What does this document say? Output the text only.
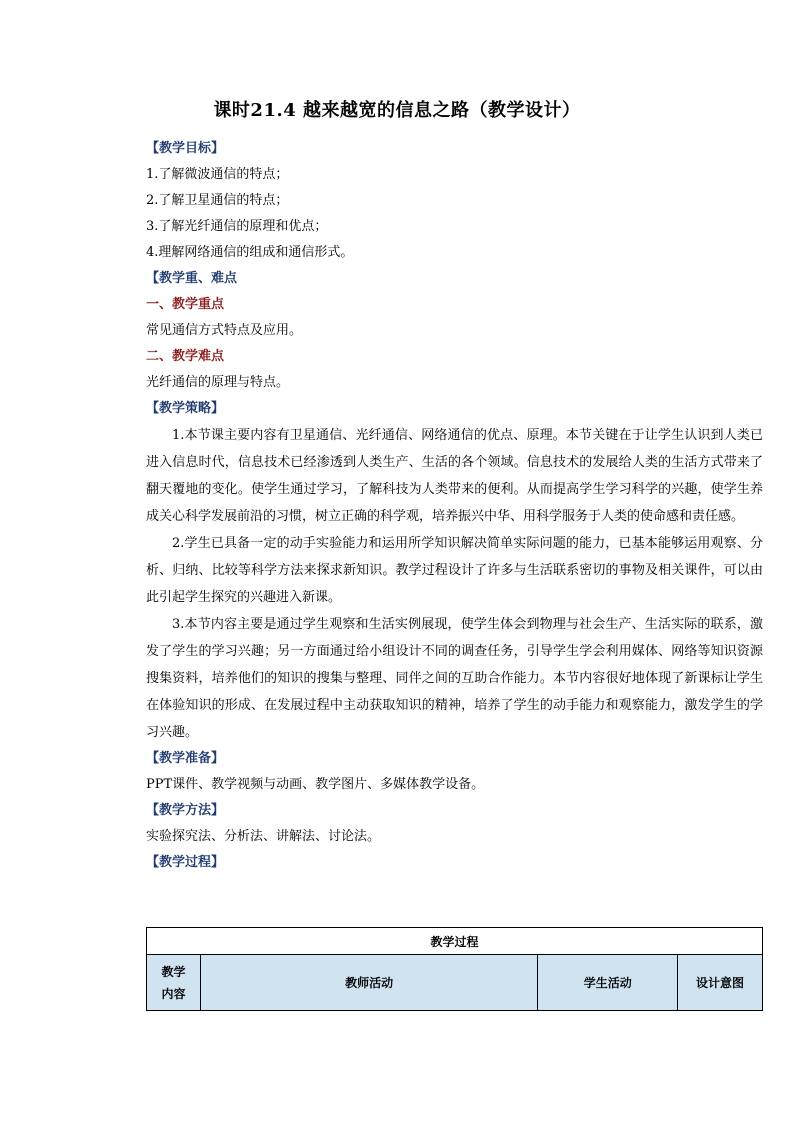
课时21.4 越来越宽的信息之路（教学设计）
【教学目标】
1.了解微波通信的特点；
2.了解卫星通信的特点；
3.了解光纤通信的原理和优点；
4.理解网络通信的组成和通信形式。
【教学重、难点
一、教学重点
常见通信方式特点及应用。
二、教学难点
光纤通信的原理与特点。
【教学策略】

1.本节课主要内容有卫星通信、光纤通信、网络通信的优点、原理。本节关键在于让学生认识到人类已进入信息时代，信息技术已经渗透到人类生产、生活的各个领域。信息技术的发展给人类的生活方式带来了翻天覆地的变化。使学生通过学习，了解科技为人类带来的便利。从而提高学生学习科学的兴趣，使学生养成关心科学发展前沿的习惯，树立正确的科学观，培养振兴中华、用科学服务于人类的使命感和责任感。

2.学生已具备一定的动手实验能力和运用所学知识解决简单实际问题的能力，已基本能够运用观察、分析、归纳、比较等科学方法来探求新知识。教学过程设计了许多与生活联系密切的事物及相关课件，可以由此引起学生探究的兴趣进入新课。

3.本节内容主要是通过学生观察和生活实例展现，使学生体会到物理与社会生产、生活实际的联系，激发了学生的学习兴趣；另一方面通过给小组设计不同的调查任务，引导学生学会利用媒体、网络等知识资源搜集资料，培养他们的知识的搜集与整理、同伴之间的互助合作能力。本节内容很好地体现了新课标让学生在体验知识的形成、在发展过程中主动获取知识的精神，培养了学生的动手能力和观察能力，激发学生的学习兴趣。

【教学准备】
PPT课件、教学视频与动画、教学图片、多媒体教学设备。
【教学方法】
实验探究法、分析法、讲解法、讨论法。
【教学过程】
教学过程
教学
内容	教师活动	学生活动	设计意图
